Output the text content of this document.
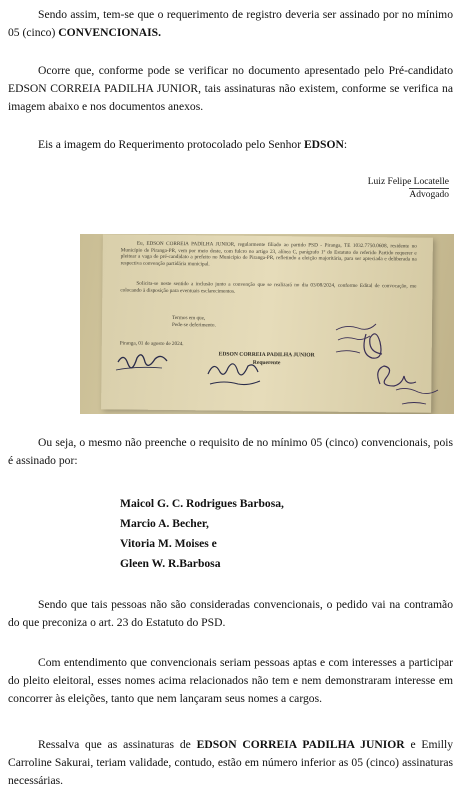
Sendo assim, tem-se que o requerimento de registro deveria ser assinado por no mínimo 05 (cinco) CONVENCIONAIS.

Ocorre que, conforme pode se verificar no documento apresentado pelo Pré-candidato EDSON CORREIA PADILHA JUNIOR, tais assinaturas não existem, conforme se verifica na imagem abaixo e nos documentos anexos.

Eis a imagem do Requerimento protocolado pelo Senhor EDSON:

Luiz Felipe Locatelle
Advogado
Eu, EDSON CORREIA PADILHA JUNIOR, regularmente filiado ao partido PSD - Piranga, TE 1032.7750.0608, residente no Município de Piranga-PR, vem por meio deste, com fulcro no artigo 23, alínea C, parágrafo 1º do Estatuto do referido Partido requerer e pleitear a vaga de pré-candidato a prefeito no Município de Piranga-PR, refletindo a eleição majoritária, para ser apreciada e deliberada na respectiva convenção partidária municipal.
Solicita-se neste sentido a inclusão junto a convenção que se realizará no dia 03/08/2024, conforme Edital de convocação, me colocando à disposição para eventuais esclarecimentos.
Termos em que,
Pede-se deferimento.
Piranga, 01 de agosto de 2024.
EDSON CORREIA PADILHA JUNIOR
Requerente

Ou seja, o mesmo não preenche o requisito de no mínimo 05 (cinco) convencionais, pois é assinado por:

Maicol G. C. Rodrigues Barbosa,
Marcio A. Becher,
Vitoria M. Moises e
Gleen W. R.Barbosa

Sendo que tais pessoas não são consideradas convencionais, o pedido vai na contramão do que preconiza o art. 23 do Estatuto do PSD.

Com entendimento que convencionais seriam pessoas aptas e com interesses a participar do pleito eleitoral, esses nomes acima relacionados não tem e nem demonstraram interesse em concorrer às eleições, tanto que nem lançaram seus nomes a cargos.

Ressalva que as assinaturas de EDSON CORREIA PADILHA JUNIOR e Emilly Carroline Sakurai, teriam validade, contudo, estão em número inferior as 05 (cinco) assinaturas necessárias.
